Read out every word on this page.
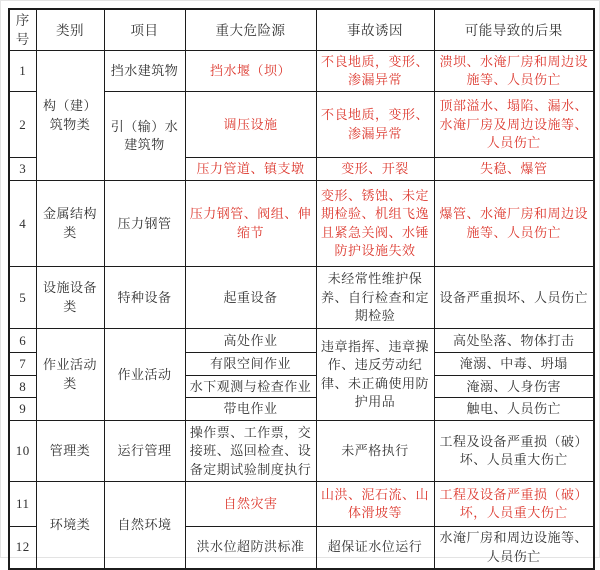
序号	类别	项目	重大危险源	事故诱因	可能导致的后果
1	构（建）筑物类	挡水建筑物	挡水堰（坝）	不良地质，变形、渗漏异常	溃坝、水淹厂房和周边设施等、人员伤亡
2		引（输）水建筑物	调压设施	不良地质，变形、渗漏异常	顶部溢水、塌陷、漏水、水淹厂房及周边设施等、人员伤亡
3			压力管道、镇支墩	变形、开裂	失稳、爆管
4	金属结构类	压力钢管	压力钢管、阀组、伸缩节	变形、锈蚀、未定期检验、机组飞逸且紧急关阀、水锤防护设施失效	爆管、水淹厂房和周边设施等、人员伤亡
5	设施设备类	特种设备	起重设备	未经常性维护保养、自行检查和定期检验	设备严重损坏、人员伤亡
6	作业活动类	作业活动	高处作业	违章指挥、违章操作、违反劳动纪律、未正确使用防护用品	高处坠落、物体打击
7			有限空间作业		淹溺、中毒、坍塌
8			水下观测与检查作业		淹溺、人身伤害
9			带电作业		触电、人员伤亡
10	管理类	运行管理	操作票、工作票，交接班、巡回检查、设备定期试验制度执行	未严格执行	工程及设备严重损（破）坏、人员重大伤亡
11	环境类	自然环境	自然灾害	山洪、泥石流、山体滑坡等	工程及设备严重损（破）坏，人员重大伤亡
12			洪水位超防洪标准	超保证水位运行	水淹厂房和周边设施等、人员伤亡
